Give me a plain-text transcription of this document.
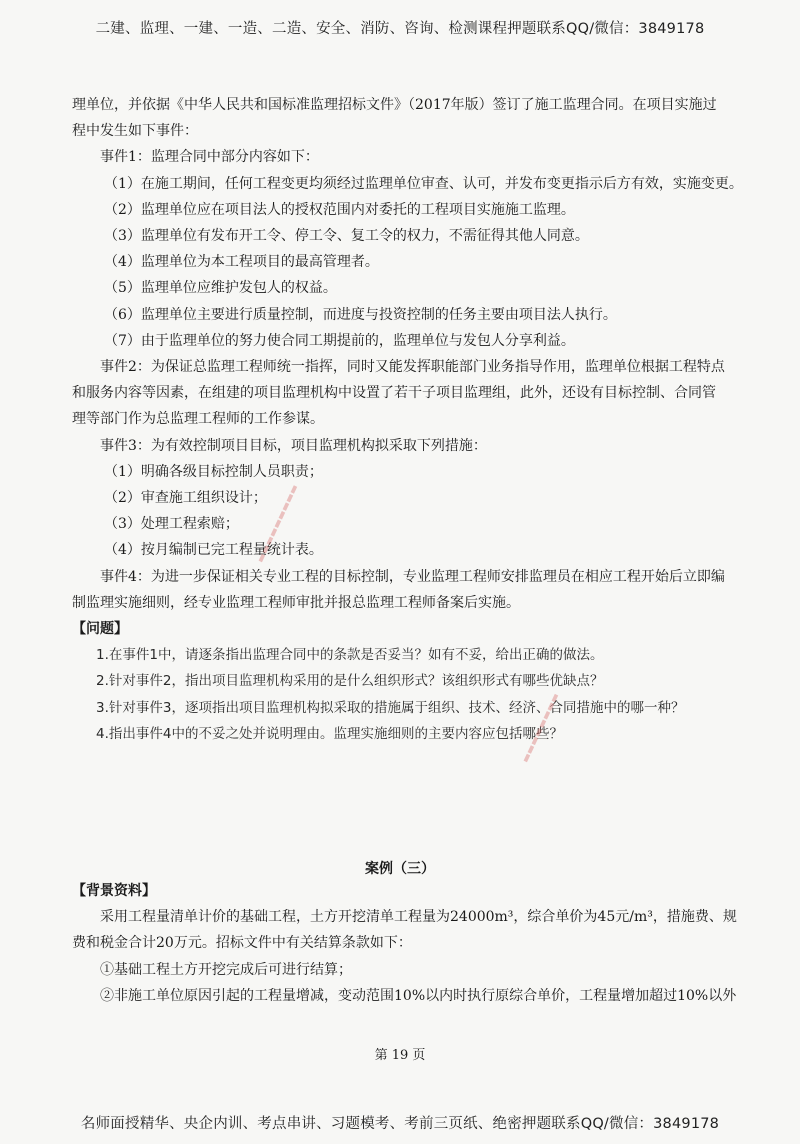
二建、监理、一建、一造、二造、安全、消防、咨询、检测课程押题联系QQ/微信：3849178

理单位，并依据《中华人民共和国标准监理招标文件》（2017年版）签订了施工监理合同。在项目实施过

程中发生如下事件：

事件1：监理合同中部分内容如下：

（1）在施工期间，任何工程变更均须经过监理单位审查、认可，并发布变更指示后方有效，实施变更。

（2）监理单位应在项目法人的授权范围内对委托的工程项目实施施工监理。

（3）监理单位有发布开工令、停工令、复工令的权力，不需征得其他人同意。

（4）监理单位为本工程项目的最高管理者。

（5）监理单位应维护发包人的权益。

（6）监理单位主要进行质量控制，而进度与投资控制的任务主要由项目法人执行。

（7）由于监理单位的努力使合同工期提前的，监理单位与发包人分享利益。

事件2：为保证总监理工程师统一指挥，同时又能发挥职能部门业务指导作用，监理单位根据工程特点

和服务内容等因素，在组建的项目监理机构中设置了若干子项目监理组，此外，还设有目标控制、合同管

理等部门作为总监理工程师的工作参谋。

事件3：为有效控制项目目标，项目监理机构拟采取下列措施：

（1）明确各级目标控制人员职责；

（2）审查施工组织设计；

（3）处理工程索赔；

（4）按月编制已完工程量统计表。

事件4：为进一步保证相关专业工程的目标控制，专业监理工程师安排监理员在相应工程开始后立即编

制监理实施细则，经专业监理工程师审批并报总监理工程师备案后实施。

【问题】

1.在事件1中，请逐条指出监理合同中的条款是否妥当？如有不妥，给出正确的做法。

2.针对事件2，指出项目监理机构采用的是什么组织形式？该组织形式有哪些优缺点？

3.针对事件3，逐项指出项目监理机构拟采取的措施属于组织、技术、经济、合同措施中的哪一种？

4.指出事件4中的不妥之处并说明理由。监理实施细则的主要内容应包括哪些？

案例（三）

【背景资料】

采用工程量清单计价的基础工程，土方开挖清单工程量为24000m³，综合单价为45元/m³，措施费、规

费和税金合计20万元。招标文件中有关结算条款如下：

①基础工程土方开挖完成后可进行结算；

②非施工单位原因引起的工程量增减，变动范围10%以内时执行原综合单价，工程量增加超过10%以外

第 19 页
名师面授精华、央企内训、考点串讲、习题模考、考前三页纸、绝密押题联系QQ/微信：3849178
▬▬▬▬▬▬▬▬▬
▬▬▬▬▬▬▬▬
